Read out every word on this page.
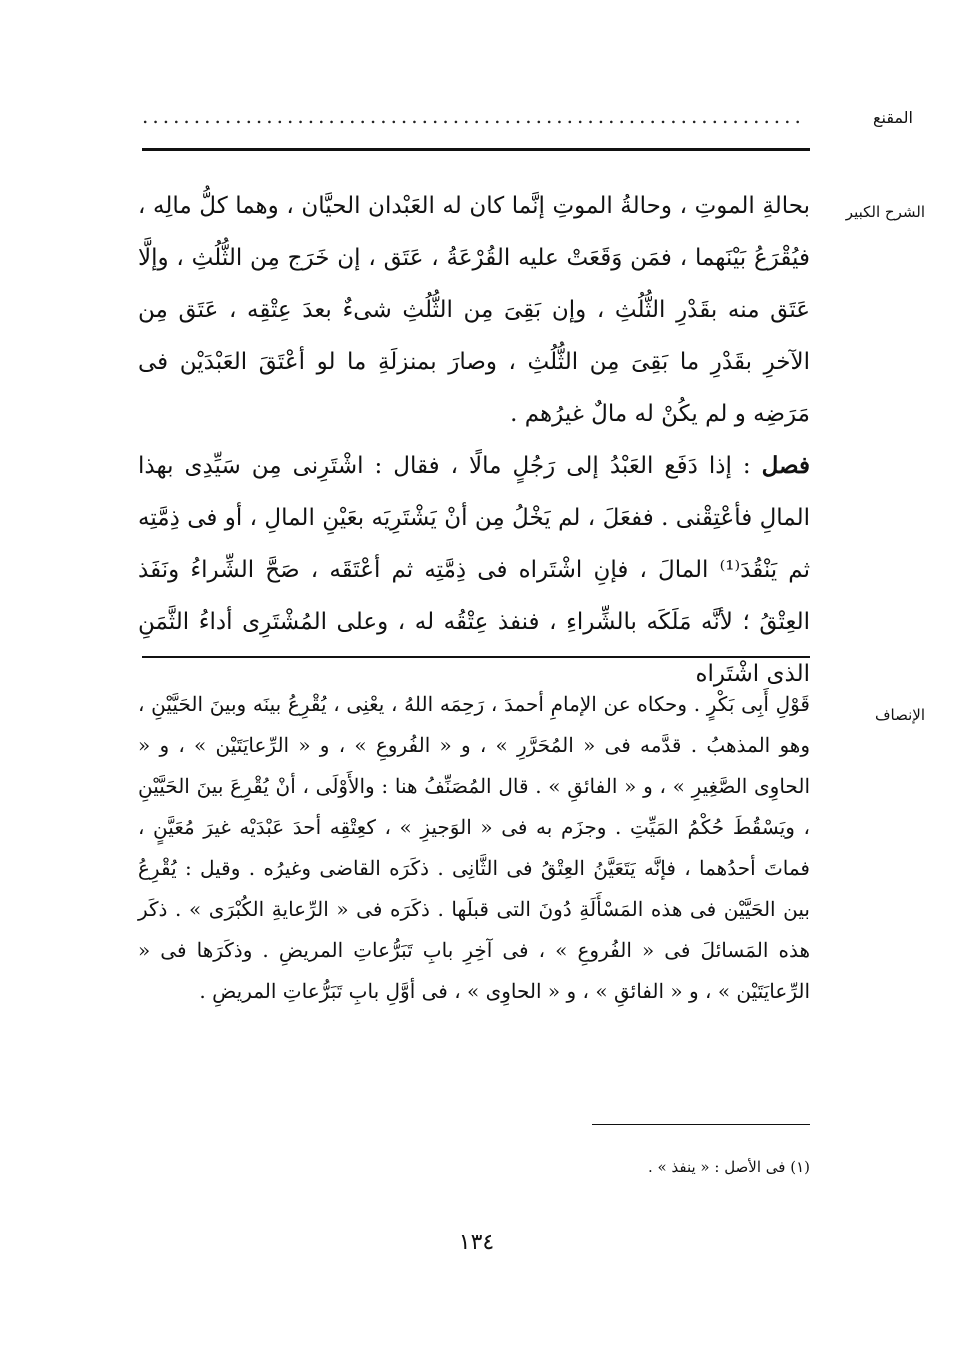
المقنع
................................................................
الشرح الكبير

بحالةِ الموتِ ، وحالةُ الموتِ إنَّما كان له العَبْدان الحيَّان ، وهما كلُّ مالِه ، فيُقْرَعُ بَيْنَهما ، فمَن وَقَعَتْ عليه القُرْعَةُ ، عَتَق ، إن خَرَج مِن الثُّلُثِ ، وإلَّا عَتَق منه بقَدْرِ الثُّلُثِ ، وإن بَقِىَ مِن الثُّلُثِ شىءٌ بعدَ عِتْقِه ، عَتَق مِن الآخرِ بقَدْرِ ما بَقِىَ مِن الثُّلُثِ ، وصارَ بمنزلَةِ ما لو أعْتَقَ العَبْدَيْن فى مَرَضِه و لم يكُنْ له مالٌ غيرُهم .

فصل : إذا دَفَع العَبْدُ إلى رَجُلٍ مالًا ، فقال : اشْتَرِنى مِن سَيِّدِى بهذا المالِ فأعْتِقْنى . ففعَلَ ، لم يَخْلُ مِن أنْ يَشْتَرِيَه بعَيْنِ المالِ ، أو فى ذِمَّتِه ثم يَنْقُدَ⁽¹⁾ المالَ ، فإنِ اشْتَراه فى ذِمَّتِه ثم أعْتَقَه ، صَحَّ الشِّراءُ ونَفَذ العِتْقُ ؛ لأنَّه مَلَكَه بالشِّراءِ ، فنفذ عِتْقُه له ، وعلى المُشْتَرِى أداءُ الثَّمَنِ الذى اشْتَراه

الإنصاف

قَوْلِ أَبِى بَكْرٍ . وحكاه عن الإمامِ أحمدَ ، رَحِمَه اللهُ ، يعْنِى ، يُقْرِعُ بينَه وبينَ الحَيَّيْنِ ، وهو المذهبُ . قدَّمه فى « المُحَرَّرِ » ، و « الفُروعِ » ، و « الرِّعايَتَيْن » ، و « الحاوِى الصَّغِيرِ » ، و « الفائقِ » . قال المُصَنِّفُ هنا : والأَوْلَى ، أنْ يُقْرِعَ بينَ الحَيَّيْنِ ، ويَسْقُطَ حُكْمُ المَيِّتِ . وجزَم به فى « الوَجيزِ » ، كعِتْقِه أحدَ عَبْدَيْه غيرَ مُعَيَّنٍ ، فماتَ أحدُهما ، فإنَّه يَتَعَيَّنُ العِتْقُ فى الثَّانِى . ذكَرَه القاضى وغيرُه . وقيل : يُقْرِعُ بين الحَيَّيْن فى هذه المَسْأَلَةِ دُونَ التى قبلَها . ذكَرَه فى « الرِّعايةِ الكُبْرَى » . ذكَر هذه المَسائلَ فى « الفُروعِ » ، فى آخِرِ بابِ تَبَرُّعاتِ المريضِ . وذكَرَها فى « الرِّعايَتَيْن » ، و « الفائقِ » ، و « الحاوِى » ، فى أوَّلِ بابِ تَبَرُّعاتِ المريضِ .

(١) فى الأصل : « ينفذ » .
١٣٤
